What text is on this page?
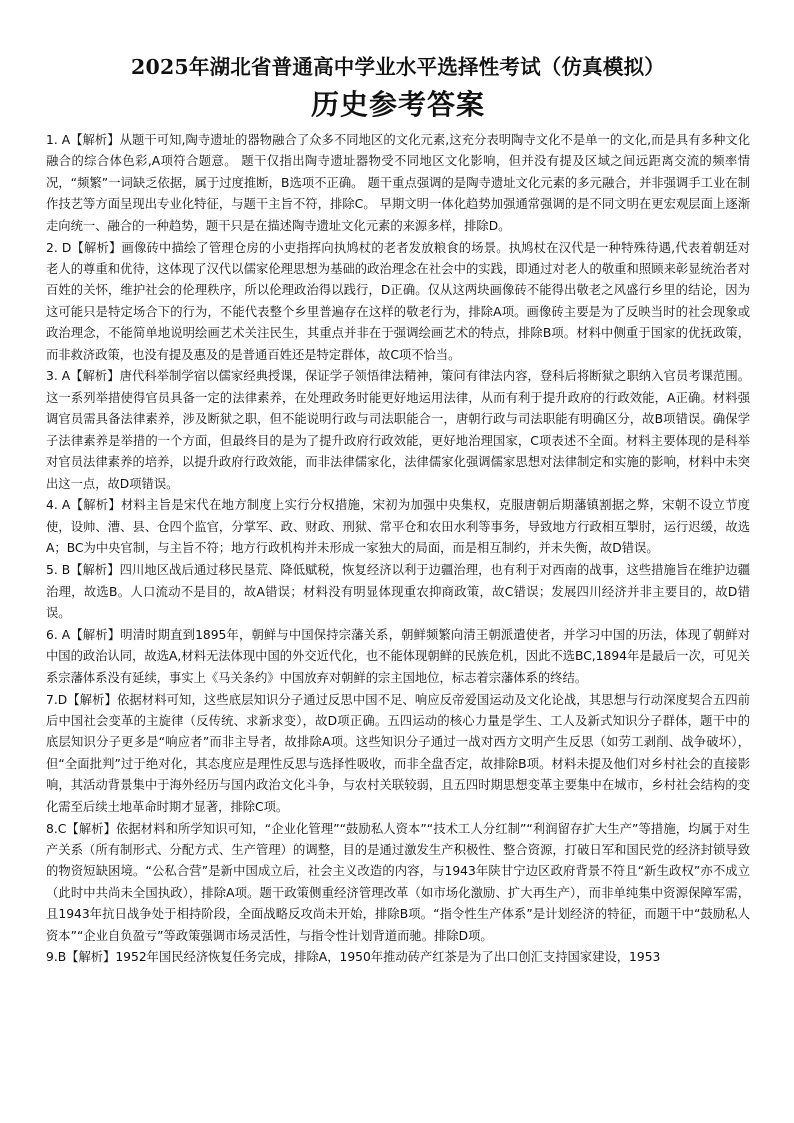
2025年湖北省普通高中学业水平选择性考试（仿真模拟）
历史参考答案

1. A【解析】从题干可知,陶寺遗址的器物融合了众多不同地区的文化元素,这充分表明陶寺文化不是单一的文化,而是具有多种文化融合的综合体色彩,A项符合题意。 题干仅指出陶寺遗址器物受不同地区文化影响，但并没有提及区域之间远距离交流的频率情况，“频繁”一词缺乏依据，属于过度推断，B选项不正确。 题干重点强调的是陶寺遗址文化元素的多元融合，并非强调手工业在制作技艺等方面呈现出专业化特征，与题干主旨不符，排除C。 早期文明一体化趋势加强通常强调的是不同文明在更宏观层面上逐渐走向统一、融合的一种趋势，题干只是在描述陶寺遗址文化元素的来源多样，排除D。

2. D【解析】画像砖中描绘了管理仓房的小吏指挥向执鸠杖的老者发放粮食的场景。执鸠杖在汉代是一种特殊待遇,代表着朝廷对老人的尊重和优待，这体现了汉代以儒家伦理思想为基础的政治理念在社会中的实践，即通过对老人的敬重和照顾来彰显统治者对百姓的关怀，维护社会的伦理秩序，所以伦理政治得以践行，D正确。仅从这两块画像砖不能得出敬老之风盛行乡里的结论，因为这可能只是特定场合下的行为，不能代表整个乡里普遍存在这样的敬老行为，排除A项。画像砖主要是为了反映当时的社会现象或政治理念，不能简单地说明绘画艺术关注民生，其重点并非在于强调绘画艺术的特点，排除B项。材料中侧重于国家的优抚政策，而非救济政策，也没有提及惠及的是普通百姓还是特定群体，故C项不恰当。

3. A【解析】唐代科举制学宿以儒家经典授课，保证学子领悟律法精神，策问有律法内容，登科后将断狱之职纳入官员考课范围。这一系列举措使得官员具备一定的法律素养，在处理政务时能更好地运用法律，从而有利于提升政府的行政效能，A正确。材料强调官员需具备法律素养，涉及断狱之职，但不能说明行政与司法职能合一，唐朝行政与司法职能有明确区分，故B项错误。确保学子法律素养是举措的一个方面，但最终目的是为了提升政府行政效能，更好地治理国家，C项表述不全面。材料主要体现的是科举对官员法律素养的培养，以提升政府行政效能，而非法律儒家化，法律儒家化强调儒家思想对法律制定和实施的影响，材料中未突出这一点，故D项错误。

4. A【解析】材料主旨是宋代在地方制度上实行分权措施，宋初为加强中央集权，克服唐朝后期藩镇割据之弊，宋朝不设立节度使，设帅、漕、县、仓四个监官，分掌军、政、财政、刑狱、常平仓和农田水利等事务，导致地方行政相互掣肘，运行迟缓，故选A；BC为中央官制，与主旨不符；地方行政机构并未形成一家独大的局面，而是相互制约，并未失衡，故D错误。

5. B【解析】四川地区战后通过移民垦荒、降低赋税，恢复经济以利于边疆治理，也有利于对西南的战事，这些措施旨在维护边疆治理，故选B。人口流动不是目的，故A错误；材料没有明显体现重农抑商政策，故C错误；发展四川经济并非主要目的，故D错误。

6. A【解析】明清时期直到1895年，朝鲜与中国保持宗藩关系，朝鲜频繁向清王朝派遣使者，并学习中国的历法，体现了朝鲜对中国的政治认同，故选A,材料无法体现中国的外交近代化，也不能体现朝鲜的民族危机，因此不选BC,1894年是最后一次，可见关系宗藩体系没有延续，事实上《马关条约》中国放弃对朝鲜的宗主国地位，标志着宗藩体系的终结。

7.D【解析】依据材料可知，这些底层知识分子通过反思中国不足、响应反帝爱国运动及文化论战，其思想与行动深度契合五四前后中国社会变革的主旋律（反传统、求新求变），故D项正确。五四运动的核心力量是学生、工人及新式知识分子群体，题干中的底层知识分子更多是“响应者”而非主导者，故排除A项。这些知识分子通过一战对西方文明产生反思（如劳工剥削、战争破坏），但“全面批判”过于绝对化，其态度应是理性反思与选择性吸收，而非全盘否定，故排除B项。材料未提及他们对乡村社会的直接影响，其活动背景集中于海外经历与国内政治文化斗争，与农村关联较弱，且五四时期思想变革主要集中在城市，乡村社会结构的变化需至后续土地革命时期才显著，排除C项。

8.C【解析】依据材料和所学知识可知，“企业化管理”“鼓励私人资本”“技术工人分红制”“利润留存扩大生产”等措施，均属于对生产关系（所有制形式、分配方式、生产管理）的调整，目的是通过激发生产积极性、整合资源，打破日军和国民党的经济封锁导致的物资短缺困境。“公私合营”是新中国成立后，社会主义改造的内容，与1943年陕甘宁边区政府背景不符且“新生政权”亦不成立（此时中共尚未全国执政），排除A项。题干政策侧重经济管理改革（如市场化激励、扩大再生产），而非单纯集中资源保障军需，且1943年抗日战争处于相持阶段，全面战略反攻尚未开始，排除B项。“指令性生产体系”是计划经济的特征，而题干中“鼓励私人资本”“企业自负盈亏”等政策强调市场灵活性，与指令性计划背道而驰。排除D项。

9.B【解析】1952年国民经济恢复任务完成，排除A，1950年推动砖产红茶是为了出口创汇支持国家建设，1953
